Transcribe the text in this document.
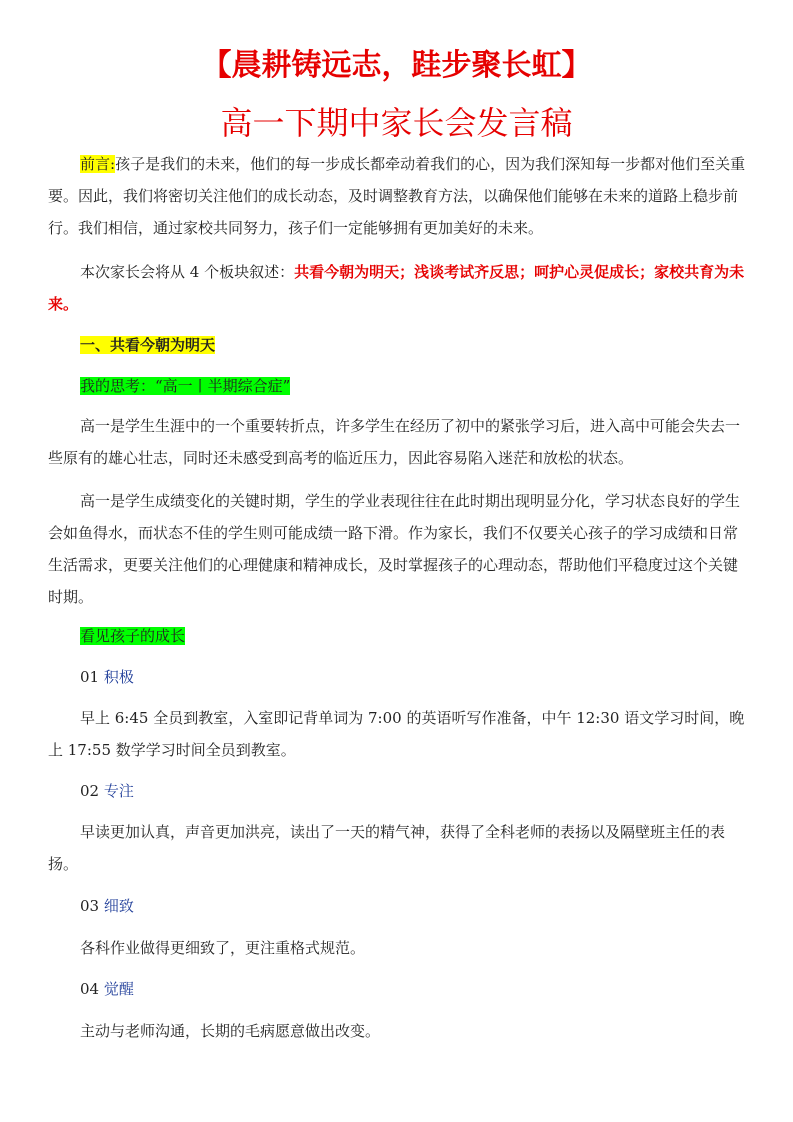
【晨耕铸远志，跬步聚长虹】
高一下期中家长会发言稿

前言:孩子是我们的未来，他们的每一步成长都牵动着我们的心，因为我们深知每一步都对他们至关重要。因此，我们将密切关注他们的成长动态，及时调整教育方法，以确保他们能够在未来的道路上稳步前行。我们相信，通过家校共同努力，孩子们一定能够拥有更加美好的未来。

本次家长会将从 4 个板块叙述：共看今朝为明天；浅谈考试齐反思；呵护心灵促成长；家校共育为未来。

一、共看今朝为明天
我的思考：“高一丨半期综合症”

高一是学生生涯中的一个重要转折点，许多学生在经历了初中的紧张学习后，进入高中可能会失去一些原有的雄心壮志，同时还未感受到高考的临近压力，因此容易陷入迷茫和放松的状态。

高一是学生成绩变化的关键时期，学生的学业表现往往在此时期出现明显分化，学习状态良好的学生会如鱼得水，而状态不佳的学生则可能成绩一路下滑。作为家长，我们不仅要关心孩子的学习成绩和日常生活需求，更要关注他们的心理健康和精神成长，及时掌握孩子的心理动态，帮助他们平稳度过这个关键时期。

看见孩子的成长
01 积极

早上 6:45 全员到教室，入室即记背单词为 7:00 的英语听写作准备，中午 12:30 语文学习时间，晚上 17:55 数学学习时间全员到教室。

02 专注

早读更加认真，声音更加洪亮，读出了一天的精气神，获得了全科老师的表扬以及隔壁班主任的表扬。

03 细致

各科作业做得更细致了，更注重格式规范。

04 觉醒

主动与老师沟通，长期的毛病愿意做出改变。
